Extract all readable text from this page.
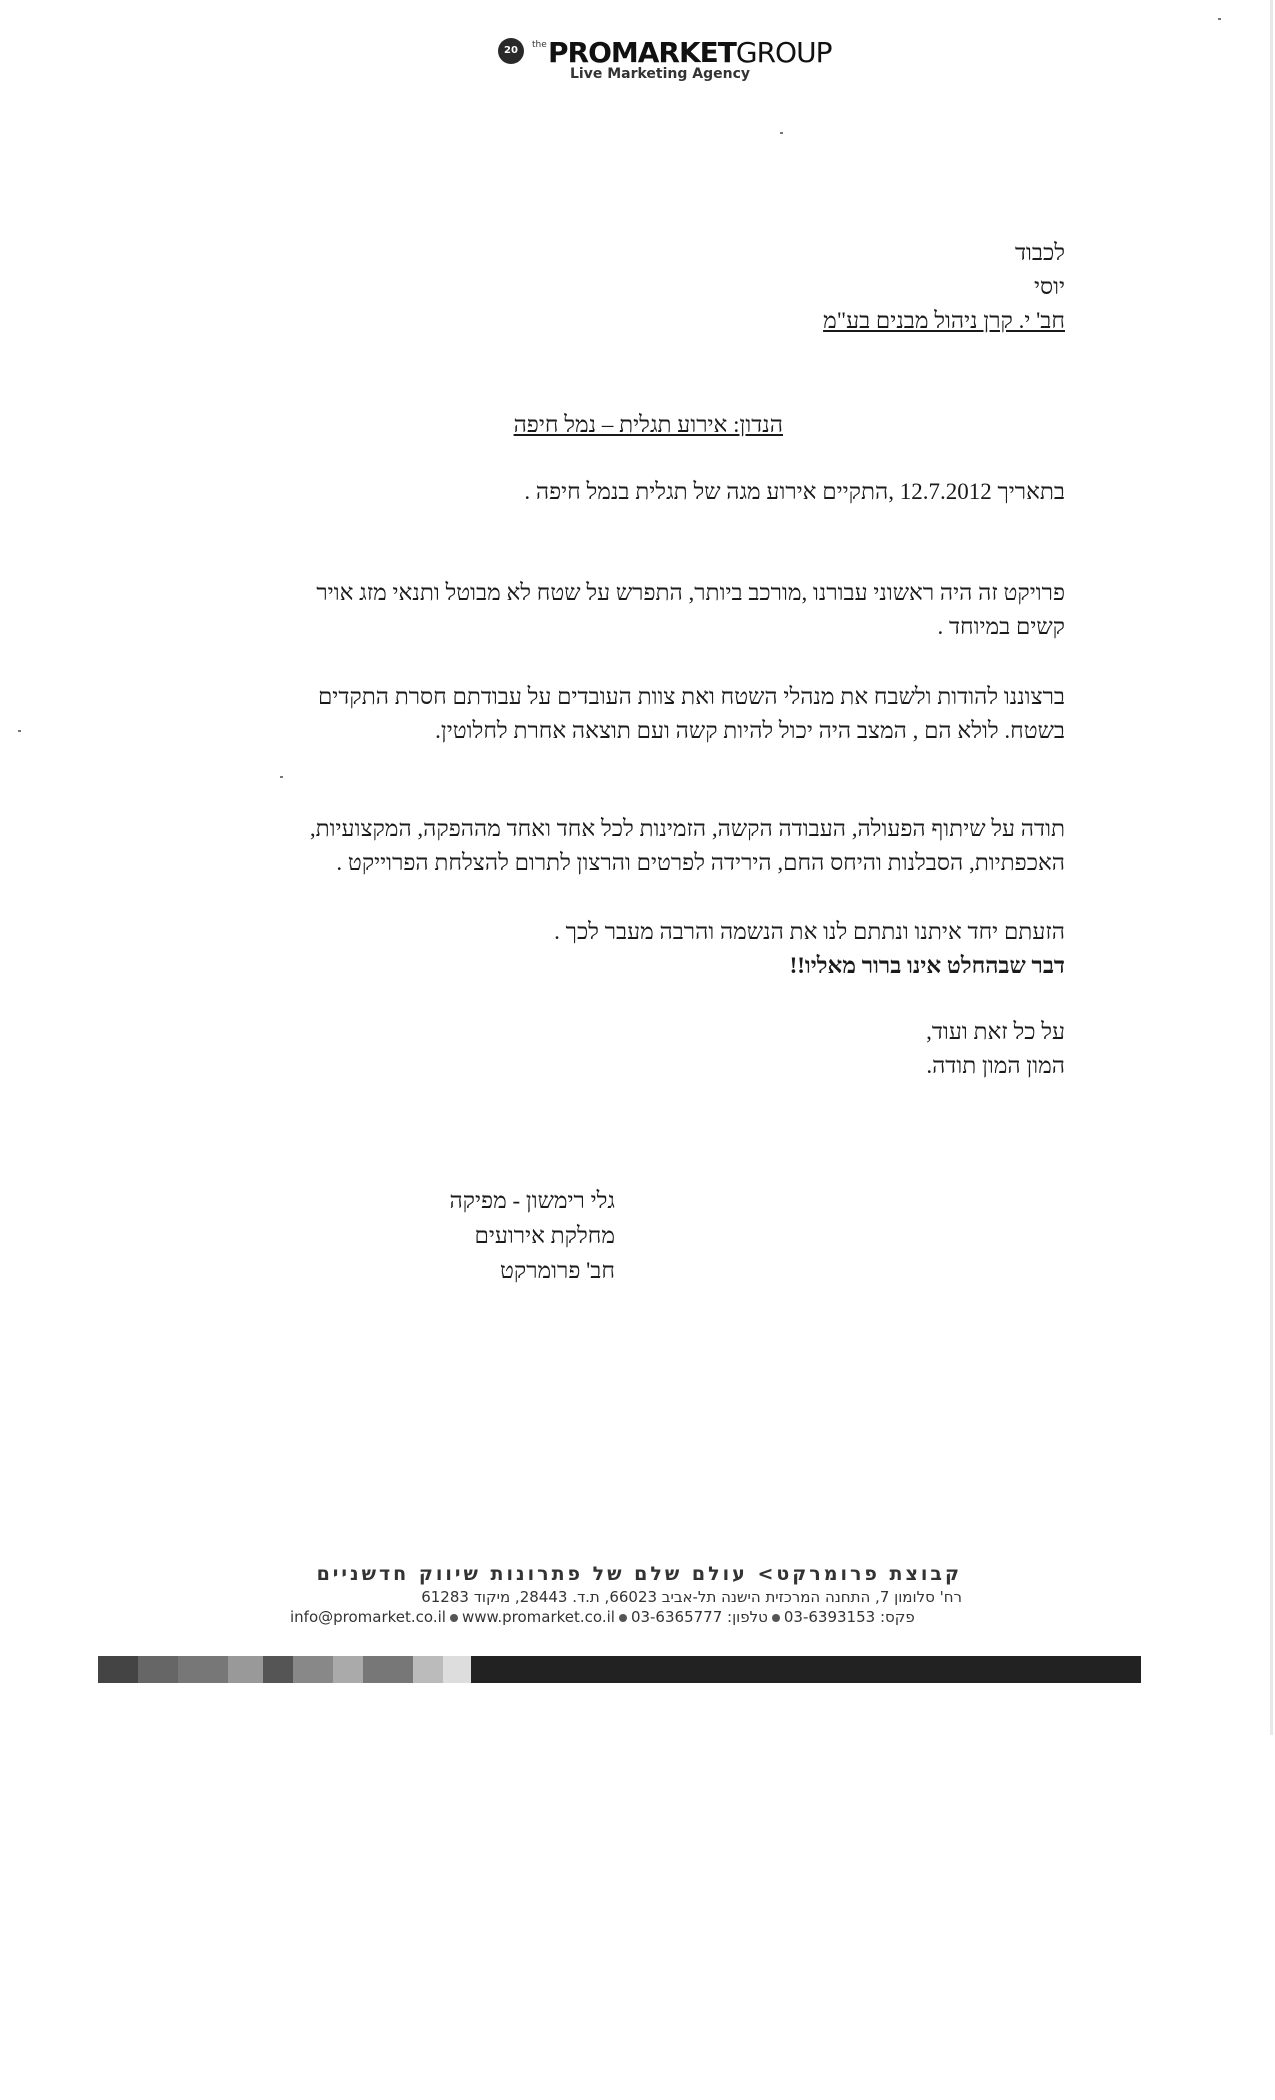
20	the PROMARKETGROUP
Live Marketing Agency
לכבוד
יוסי
חב' י. קרן ניהול מבנים בע"מ
הנדון: אירוע תגלית – נמל חיפה
בתאריך 12.7.2012 ,התקיים אירוע מגה של תגלית בנמל חיפה .
פרויקט זה היה ראשוני עבורנו ,מורכב ביותר, התפרש על שטח לא מבוטל ותנאי מזג אויר
קשים במיוחד .
ברצוננו להודות ולשבח את מנהלי השטח ואת צוות העובדים על עבודתם חסרת התקדים
בשטח. לולא הם , המצב היה יכול להיות קשה ועם תוצאה אחרת לחלוטין.
תודה על שיתוף הפעולה, העבודה הקשה, הזמינות לכל אחד ואחד מההפקה, המקצועיות,
האכפתיות, הסבלנות והיחס החם, הירידה לפרטים והרצון לתרום להצלחת הפרוייקט .
הזעתם יחד איתנו ונתתם לנו את הנשמה והרבה מעבר לכך .
דבר שבהחלט אינו ברור מאליו!!
על כל זאת ועוד,
המון המון תודה.
גלי רימשון - מפיקה
מחלקת אירועים
חב' פרומרקט
קבוצת פרומרקט> עולם שלם של פתרונות שיווק חדשניים
רח' סלומון 7, התחנה המרכזית הישנה תל-אביב 66023, ת.ד. 28443, מיקוד 61283
info@promarket.co.il www.promarket.co.il	פקס: 03-6393153טלפון: 03-6365777
